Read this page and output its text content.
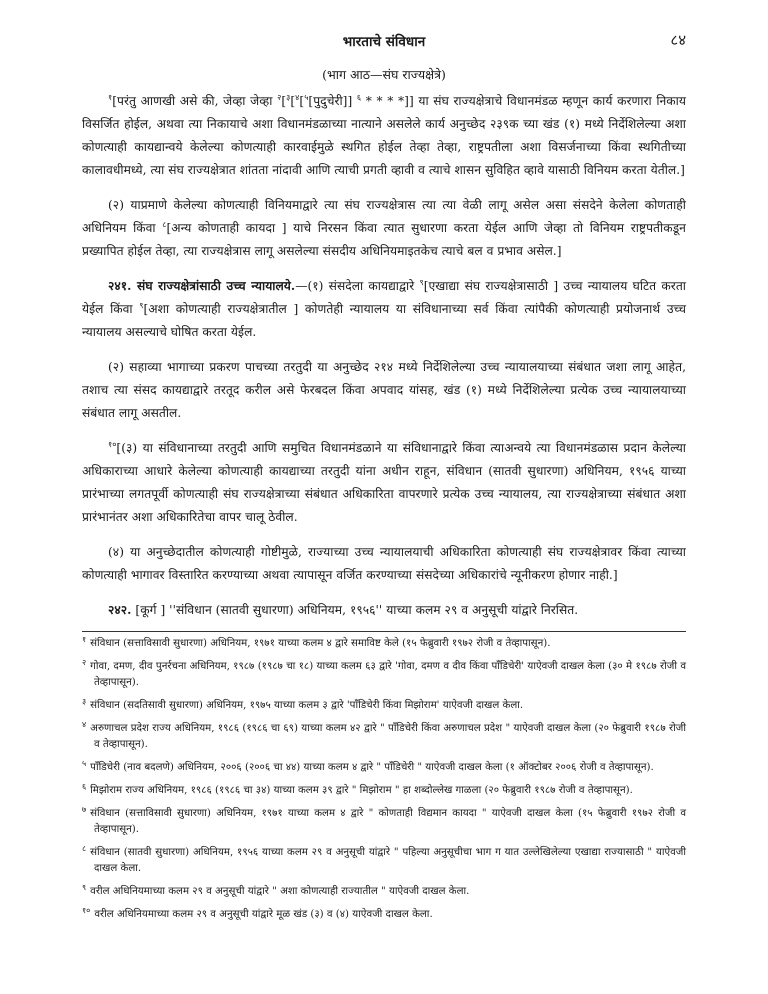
भारताचे संविधान	८४
(भाग आठ—संघ राज्यक्षेत्रे)

$^१$[परंतु आणखी असे की, जेव्हा जेव्हा $^२$[$^३$[$^४$[$^५$[पुदुचेरी]] $^६$ * * * *]] या संघ राज्यक्षेत्राचे विधानमंडळ म्हणून कार्य करणारा निकाय विसर्जित होईल, अथवा त्या निकायाचे अशा विधानमंडळाच्या नात्याने असलेले कार्य अनुच्छेद २३९क च्या खंड (१) मध्ये निर्देशिलेल्या अशा कोणत्याही कायद्यान्वये केलेल्या कोणत्याही कारवाईमुळे स्थगित होईल तेव्हा तेव्हा, राष्ट्रपतीला अशा विसर्जनाच्या किंवा स्थगितीच्या कालावधीमध्ये, त्या संघ राज्यक्षेत्रात शांतता नांदावी आणि त्याची प्रगती व्हावी व त्याचे शासन सुविहित व्हावे यासाठी विनियम करता येतील.]

(२) याप्रमाणे केलेल्या कोणत्याही विनियमाद्वारे त्या संघ राज्यक्षेत्रास त्या त्या वेळी लागू असेल असा संसदेने केलेला कोणताही अधिनियम किंवा $^८$[अन्य कोणताही कायदा ] याचे निरसन किंवा त्यात सुधारणा करता येईल आणि जेव्हा तो विनियम राष्ट्रपतीकडून प्रख्यापित होईल तेव्हा, त्या राज्यक्षेत्रास लागू असलेल्या संसदीय अधिनियमाइतकेच त्याचे बल व प्रभाव असेल.]

२४१. संघ राज्यक्षेत्रांसाठी उच्च न्यायालये.—(१) संसदेला कायद्याद्वारे $^९$[एखाद्या संघ राज्यक्षेत्रासाठी ] उच्च न्यायालय घटित करता येईल किंवा $^९$[अशा कोणत्याही राज्यक्षेत्रातील ] कोणतेही न्यायालय या संविधानाच्या सर्व किंवा त्यांपैकी कोणत्याही प्रयोजनार्थ उच्च न्यायालय असल्याचे घोषित करता येईल.

(२) सहाव्या भागाच्या प्रकरण पाचच्या तरतुदी या अनुच्छेद २१४ मध्ये निर्देशिलेल्या उच्च न्यायालयाच्या संबंधात जशा लागू आहेत, तशाच त्या संसद कायद्याद्वारे तरतूद करील असे फेरबदल किंवा अपवाद यांसह, खंड (१) मध्ये निर्देशिलेल्या प्रत्येक उच्च न्यायालयाच्या संबंधात लागू असतील.

$^{१०}$[(३) या संविधानाच्या तरतुदी आणि समुचित विधानमंडळाने या संविधानाद्वारे किंवा त्याअन्वये त्या विधानमंडळास प्रदान केलेल्या अधिकाराच्या आधारे केलेल्या कोणत्याही कायद्याच्या तरतुदी यांना अधीन राहून, संविधान (सातवी सुधारणा) अधिनियम, १९५६ याच्या प्रारंभाच्या लगतपूर्वी कोणत्याही संघ राज्यक्षेत्राच्या संबंधात अधिकारिता वापरणारे प्रत्येक उच्च न्यायालय, त्या राज्यक्षेत्राच्या संबंधात अशा प्रारंभानंतर अशा अधिकारितेचा वापर चालू ठेवील.

(४) या अनुच्छेदातील कोणत्याही गोष्टीमुळे, राज्याच्या उच्च न्यायालयाची अधिकारिता कोणत्याही संघ राज्यक्षेत्रावर किंवा त्याच्या कोणत्याही भागावर विस्तारित करण्याच्या अथवा त्यापासून वर्जित करण्याच्या संसदेच्या अधिकारांचे न्यूनीकरण होणार नाही.]

२४२. [कूर्ग ] ''संविधान (सातवी सुधारणा) अधिनियम, १९५६'' याच्या कलम २९ व अनुसूची यांद्वारे निरसित.

$^१$ संविधान (सत्ताविसावी सुधारणा) अधिनियम, १९७१ याच्या कलम ४ द्वारे समाविष्ट केले (१५ फेब्रुवारी १९७२ रोजी व तेव्हापासून).

$^२$ गोवा, दमण, दीव पुनर्रचना अधिनियम, १९८७ (१९८७ चा १८) याच्या कलम ६३ द्वारे 'गोवा, दमण व दीव किंवा पाँडिचेरी' याऐवजी दाखल केला (३० मे १९८७ रोजी व तेव्हापासून).

$^३$ संविधान (सदतिसावी सुधारणा) अधिनियम, १९७५ याच्या कलम ३ द्वारे 'पाँडिचेरी किंवा मिझोराम' याऐवजी दाखल केला.

$^४$ अरुणाचल प्रदेश राज्य अधिनियम, १९८६ (१९८६ चा ६९) याच्या कलम ४२ द्वारे " पाँडिचेरी किंवा अरुणाचल प्रदेश " याऐवजी दाखल केला (२० फेब्रुवारी १९८७ रोजी व तेव्हापासून).

$^५$ पाँडिचेरी (नाव बदलणे) अधिनियम, २००६ (२००६ चा ४४) याच्या कलम ४ द्वारे " पाँडिचेरी " याऐवजी दाखल केला (१ ऑक्टोबर २००६ रोजी व तेव्हापासून).

$^६$ मिझोराम राज्य अधिनियम, १९८६ (१९८६ चा ३४) याच्या कलम ३९ द्वारे " मिझोराम " हा शब्दोल्लेख गाळला (२० फेब्रुवारी १९८७ रोजी व तेव्हापासून).

$^७$ संविधान (सत्ताविसावी सुधारणा) अधिनियम, १९७१ याच्या कलम ४ द्वारे " कोणताही विद्यमान कायदा " याऐवजी दाखल केला (१५ फेब्रुवारी १९७२ रोजी व तेव्हापासून).

$^८$ संविधान (सातवी सुधारणा) अधिनियम, १९५६ याच्या कलम २९ व अनुसूची यांद्वारे " पहिल्या अनुसूचीचा भाग ग यात उल्लेखिलेल्या एखाद्या राज्यासाठी " याऐवजी दाखल केला.

$^९$ वरील अधिनियमाच्या कलम २९ व अनुसूची यांद्वारे " अशा कोणत्याही राज्यातील " याऐवजी दाखल केला.

$^{१०}$ वरील अधिनियमाच्या कलम २९ व अनुसूची यांद्वारे मूळ खंड (३) व (४) याऐवजी दाखल केला.
